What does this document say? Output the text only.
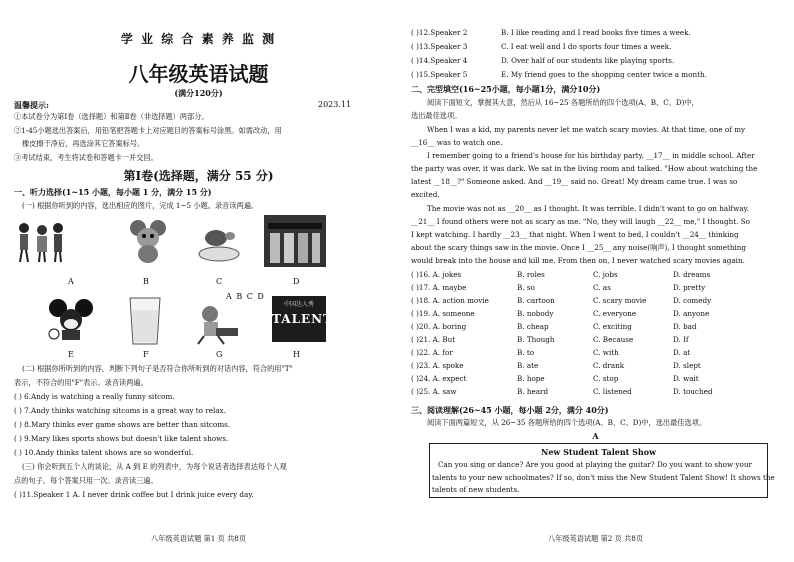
学 业 综 合 素 养 监 测
八年级英语试题
(满分120分)
温馨提示:	2023.11
①本试卷分为第Ⅰ卷（选择题）和第Ⅱ卷（非选择题）两部分。
②1-45小题选出答案后，用铅笔把答题卡上对应题目的答案标号涂黑。如需改动，用
橡皮擦干净后，再选涂其它答案标号。
③考试结束，考生将试卷和答题卡一并交回。
第Ⅰ卷(选择题，满分 55 分)
一、听力选择(1~15 小题，每小题 1 分，满分 15 分)
(一) 根据你听到的内容，选出相应的图片，完成 1~5 小题。录音读两遍。
A	B	C	D
A B C D
中国达人秀
TALENT
E	F	G	H
(二) 根据你所听到的内容，判断下列句子是否符合你所听到的对话内容，符合的用"T"
表示，不符合的用"F"表示。录音读两遍。
( ) 6.Andy is watching a really funny sitcom.
( ) 7.Andy thinks watching sitcoms is a great way to relax.
( ) 8.Mary thinks ever game shows are better than sitcoms.
( ) 9.Mary likes sports shows but doesn't like talent shows.
( ) 10.Andy thinks talent shows are so wonderful.
(三) 你会听到五个人的谈论，从 A 到 E 的列表中，为每个说话者选择表达每个人观
点的句子。每个答案只用一次。录音读三遍。
( )11.Speaker 1 A. I never drink coffee but I drink juice every day.
八年级英语试题 第1 页 共8页
( )12.Speaker 2	B. I like reading and I read books five times a week.
( )13.Speaker 3	C. I eat well and I do sports four times a week.
( )14.Speaker 4	D. Over half of our students like playing sports.
( )15.Speaker 5	E. My friend goes to the shopping center twice a month.
二、完型填空(16~25小题，每小题1分，满分10分)
阅读下面短文，掌握其大意，然后从 16~25 各题所给的四个选项(A、B、C、D)中，
选出最佳选项。
When I was a kid, my parents never let me watch scary movies. At that time, one of my
__16__ was to watch one.
I remember going to a friend's house for his birthday party, __17__ in middle school. After
the party was over, it was dark. We sat in the living room and talked. "How about watching the
latest __18__?" Someone asked. And __19__ said no. Great! My dream came true. I was so
excited.
The movie was not as __20__ as I thought. It was terrible. I didn't want to go on halfway.
__21__ I found others were not as scary as me. "No, they will laugh __22__ me," I thought. So
I kept watching. I hardly __23__ that night. When I went to bed, I couldn't __24__ thinking
about the scary things saw in the movie. Once I __25__ any noise(响声), I thought something
would break into the house and kill me. From then on, I never watched scary movies again.
( )16. A. jokes	B. roles	C. jobs	D. dreams
( )17. A. maybe	B. so	C. as	D. pretty
( )18. A. action movie	B. cartoon	C. scary movie	D. comedy
( )19. A. someone	B. nobody	C. everyone	D. anyone
( )20. A. boring	B. cheap	C. exciting	D. bad
( )21. A. But	B. Though	C. Because	D. If
( )22. A. for	B. to	C. with	D. at
( )23. A. spoke	B. ate	C. drank	D. slept
( )24. A. expect	B. hope	C. stop	D. wait
( )25. A. saw	B. heard	C. listened	D. touched
三、阅读理解(26~45 小题，每小题 2分，满分 40分)
阅读下面两篇短文，从 26~35 各题所给的四个选项(A、B、C、D)中，选出最佳选项。
A
New Student Talent Show
Can you sing or dance? Are you good at playing the guitar? Do you want to show your
talents to your new schoolmates? If so, don't miss the New Student Talent Show! It shows the
talents of new students.
八年级英语试题 第2 页 共8页
